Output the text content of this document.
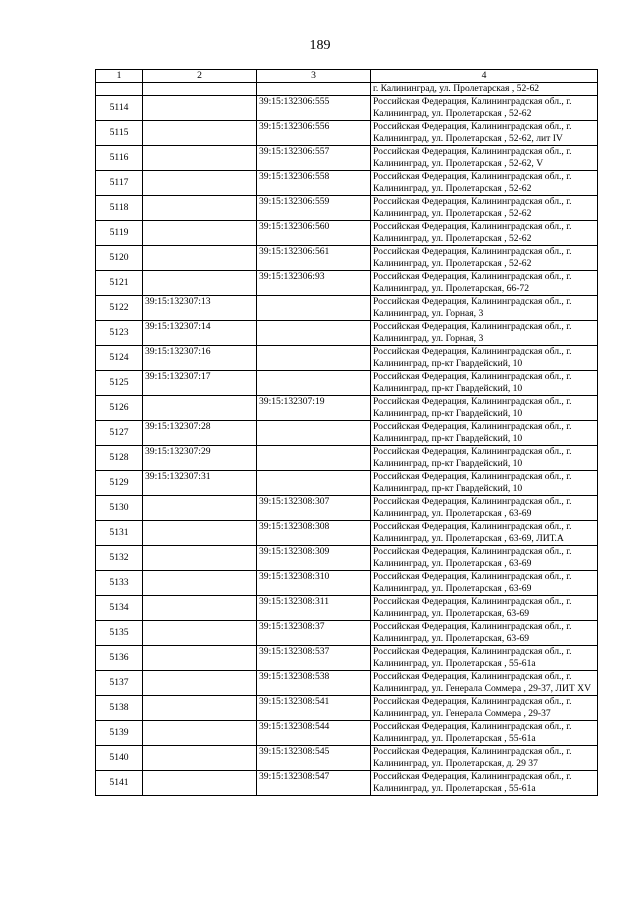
189
1	2	3	4
			г. Калининград, ул. Пролетарская , 52-62
5114		39:15:132306:555	Российская Федерация, Калининградская обл., г. Калининград, ул. Пролетарская , 52-62
5115		39:15:132306:556	Российская Федерация, Калининградская обл., г. Калининград, ул. Пролетарская , 52-62, лит IV
5116		39:15:132306:557	Российская Федерация, Калининградская обл., г. Калининград, ул. Пролетарская , 52-62, V
5117		39:15:132306:558	Российская Федерация, Калининградская обл., г. Калининград, ул. Пролетарская , 52-62
5118		39:15:132306:559	Российская Федерация, Калининградская обл., г. Калининград, ул. Пролетарская , 52-62
5119		39:15:132306:560	Российская Федерация, Калининградская обл., г. Калининград, ул. Пролетарская , 52-62
5120		39:15:132306:561	Российская Федерация, Калининградская обл., г. Калининград, ул. Пролетарская , 52-62
5121		39:15:132306:93	Российская Федерация, Калининградская обл., г. Калининград, ул. Пролетарская, 66-72
5122	39:15:132307:13		Российская Федерация, Калининградская обл., г. Калининград, ул. Горная, 3
5123	39:15:132307:14		Российская Федерация, Калининградская обл., г. Калининград, ул. Горная, 3
5124	39:15:132307:16		Российская Федерация, Калининградская обл., г. Калининград, пр-кт Гвардейский, 10
5125	39:15:132307:17		Российская Федерация, Калининградская обл., г. Калининград, пр-кт Гвардейский, 10
5126		39:15:132307:19	Российская Федерация, Калининградская обл., г. Калининград, пр-кт Гвардейский, 10
5127	39:15:132307:28		Российская Федерация, Калининградская обл., г. Калининград, пр-кт Гвардейский, 10
5128	39:15:132307:29		Российская Федерация, Калининградская обл., г. Калининград, пр-кт Гвардейский, 10
5129	39:15:132307:31		Российская Федерация, Калининградская обл., г. Калининград, пр-кт Гвардейский, 10
5130		39:15:132308:307	Российская Федерация, Калининградская обл., г. Калининград, ул. Пролетарская , 63-69
5131		39:15:132308:308	Российская Федерация, Калининградская обл., г. Калининград, ул. Пролетарская , 63-69, ЛИТ.А
5132		39:15:132308:309	Российская Федерация, Калининградская обл., г. Калининград, ул. Пролетарская , 63-69
5133		39:15:132308:310	Российская Федерация, Калининградская обл., г. Калининград, ул. Пролетарская , 63-69
5134		39:15:132308:311	Российская Федерация, Калининградская обл., г. Калининград, ул. Пролетарская, 63-69
5135		39:15:132308:37	Российская Федерация, Калининградская обл., г. Калининград, ул. Пролетарская, 63-69
5136		39:15:132308:537	Российская Федерация, Калининградская обл., г. Калининград, ул. Пролетарская , 55-61а
5137		39:15:132308:538	Российская Федерация, Калининградская обл., г. Калининград, ул. Генерала Соммера , 29-37, ЛИТ XV
5138		39:15:132308:541	Российская Федерация, Калининградская обл., г. Калининград, ул. Генерала Соммера , 29-37
5139		39:15:132308:544	Российская Федерация, Калининградская обл., г. Калининград, ул. Пролетарская , 55-61а
5140		39:15:132308:545	Российская Федерация, Калининградская обл., г. Калининград, ул. Пролетарская, д. 29 37
5141		39:15:132308:547	Российская Федерация, Калининградская обл., г. Калининград, ул. Пролетарская , 55-61а
